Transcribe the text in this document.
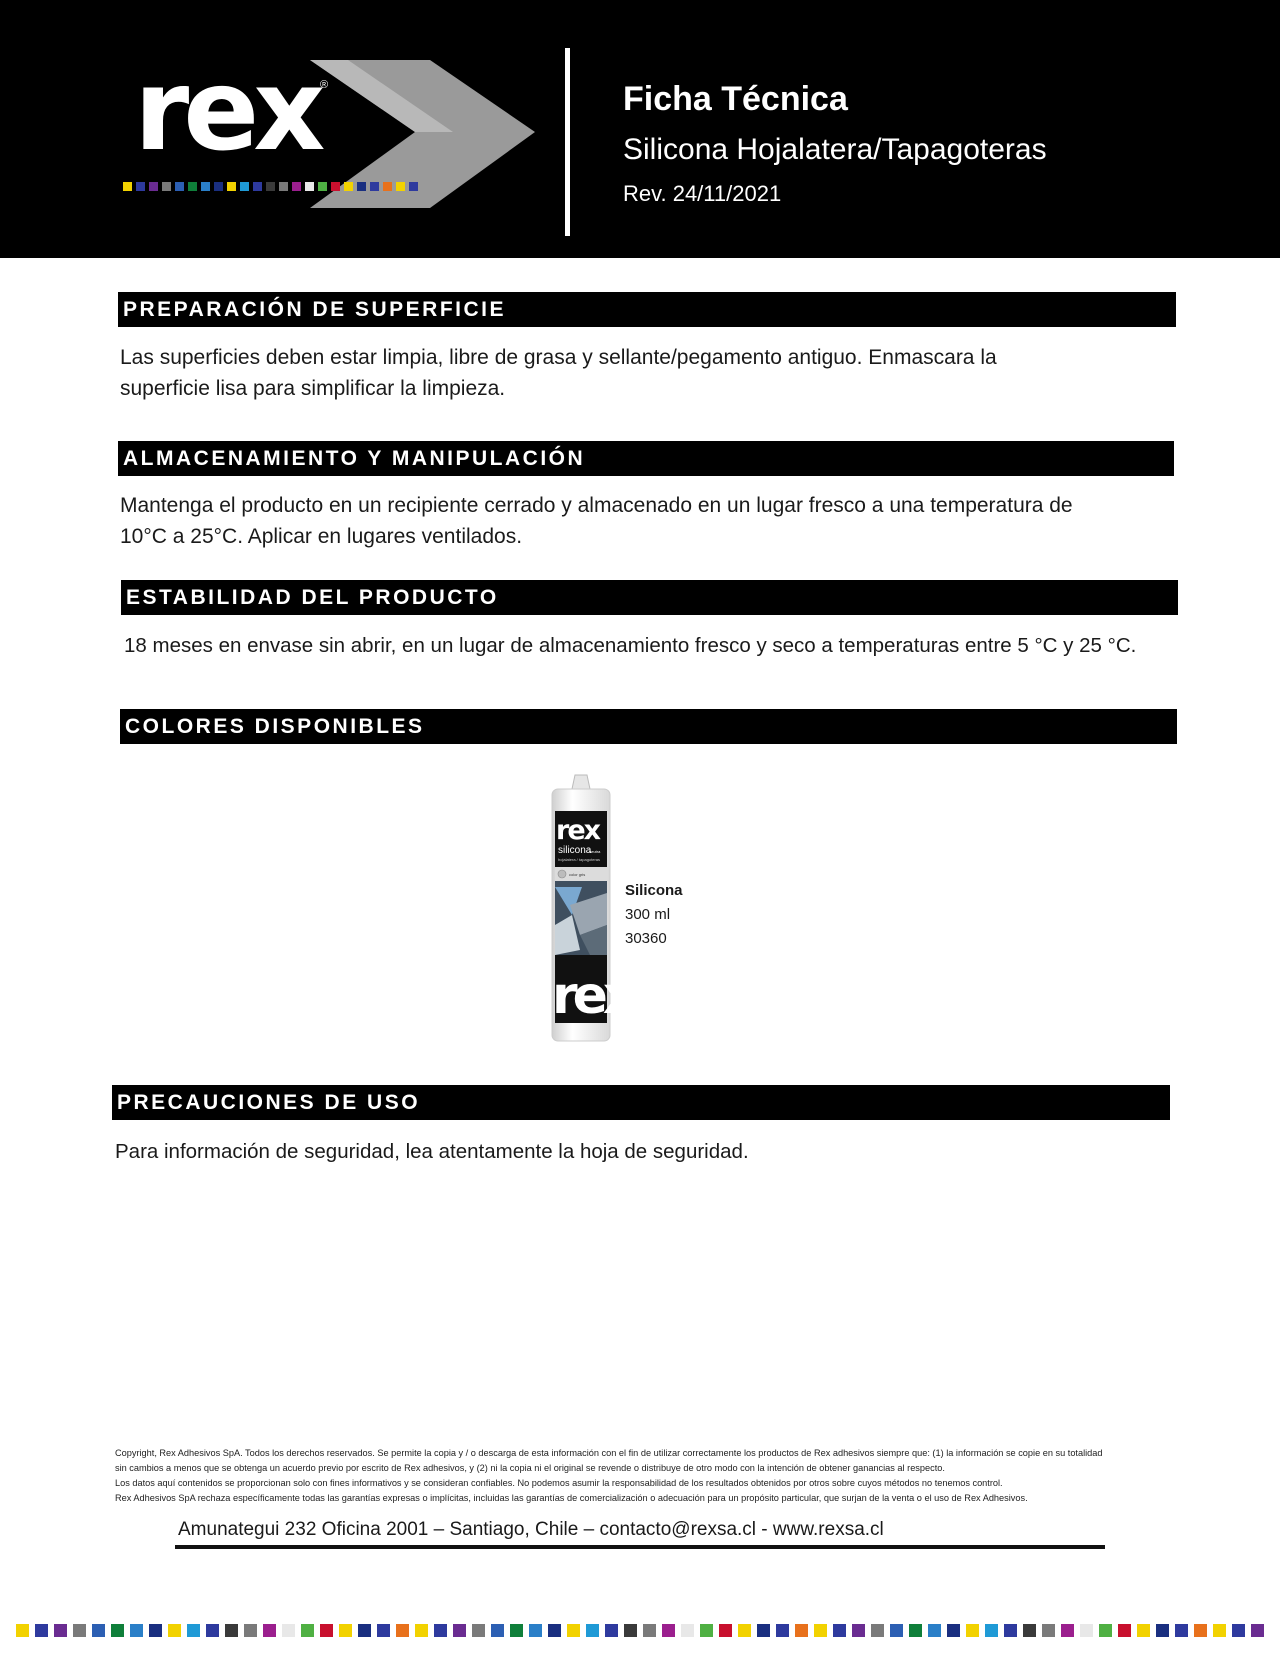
rex ®	Ficha Técnica
Silicona Hojalatera/Tapagoteras
Rev. 24/11/2021
PREPARACIÓN DE SUPERFICIE
Las superficies deben estar limpia, libre de grasa y sellante/pegamento antiguo. Enmascara la
superficie lisa para simplificar la limpieza.
ALMACENAMIENTO Y MANIPULACIÓN
Mantenga el producto en un recipiente cerrado y almacenado en un lugar fresco a una temperatura de
10°C a 25°C. Aplicar en lugares ventilados.
ESTABILIDAD DEL PRODUCTO
18 meses en envase sin abrir, en un lugar de almacenamiento fresco y seco a temperaturas entre 5 °C y 25 °C.
COLORES DISPONIBLES
rex
silicona
neutra
hojalatera / tapagoteras
color gris
rex
Silicona
300 ml
30360
PRECAUCIONES DE USO
Para información de seguridad, lea atentamente la hoja de seguridad.
Copyright, Rex Adhesivos SpA. Todos los derechos reservados. Se permite la copia y / o descarga de esta información con el fin de utilizar correctamente los productos de Rex adhesivos siempre que: (1) la información se copie en su totalidad
sin cambios a menos que se obtenga un acuerdo previo por escrito de Rex adhesivos, y (2) ni la copia ni el original se revende o distribuye de otro modo con la intención de obtener ganancias al respecto.
Los datos aquí contenidos se proporcionan solo con fines informativos y se consideran confiables. No podemos asumir la responsabilidad de los resultados obtenidos por otros sobre cuyos métodos no tenemos control.
Rex Adhesivos SpA rechaza específicamente todas las garantías expresas o implícitas, incluidas las garantías de comercialización o adecuación para un propósito particular, que surjan de la venta o el uso de Rex Adhesivos.
Amunategui 232 Oficina 2001 – Santiago, Chile – contacto@rexsa.cl - www.rexsa.cl
